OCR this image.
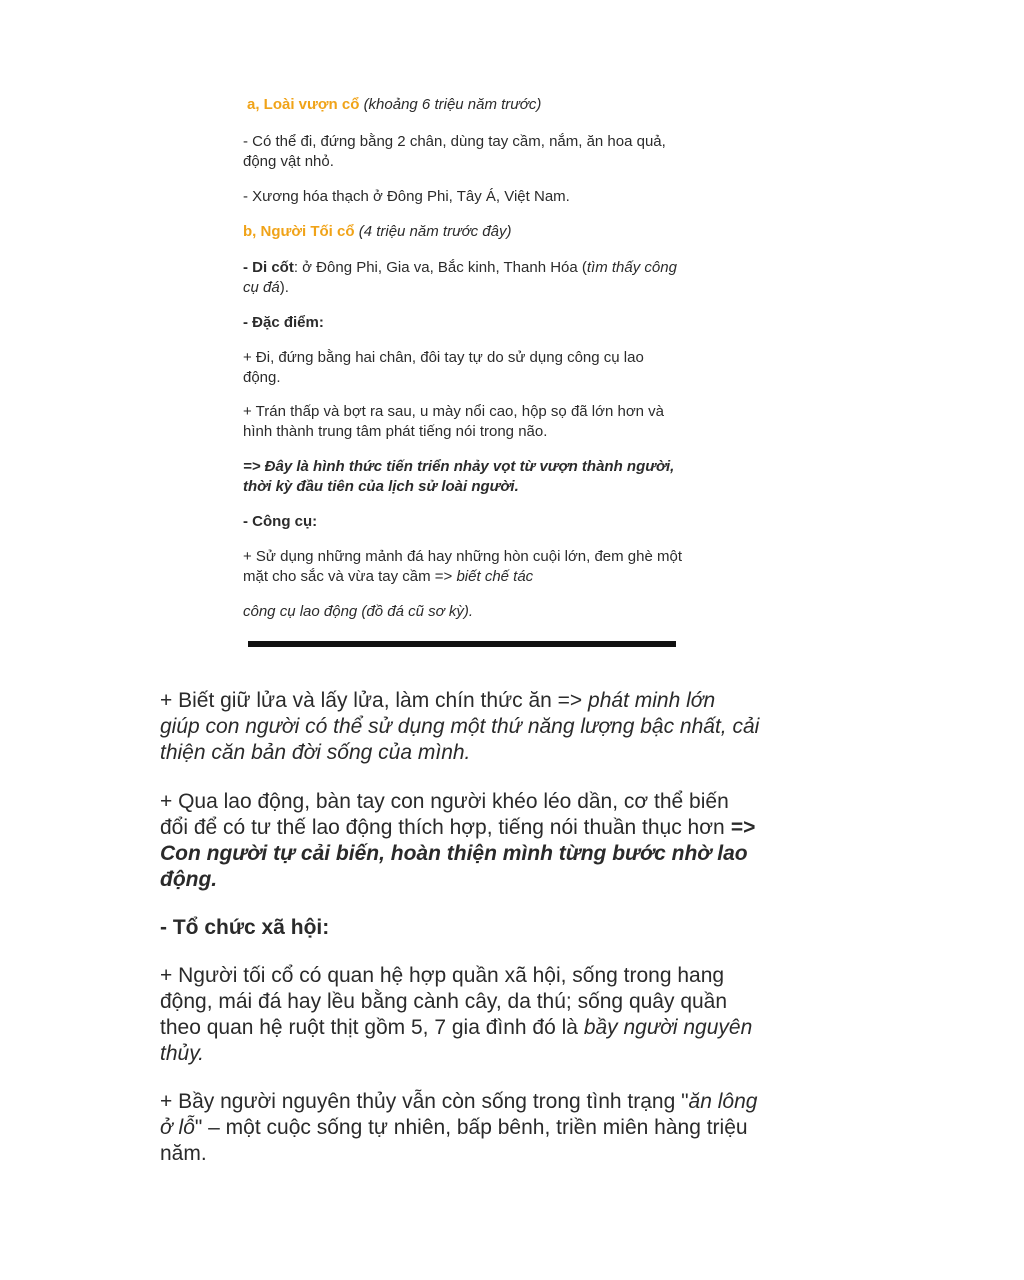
a, Loài vượn cổ (khoảng 6 triệu năm trước)

- Có thể đi, đứng bằng 2 chân, dùng tay cầm, nắm, ăn hoa quả, động vật nhỏ.

- Xương hóa thạch ở Đông Phi, Tây Á, Việt Nam.

b, Người Tối cổ (4 triệu năm trước đây)

- Di cốt: ở Đông Phi, Gia va, Bắc kinh, Thanh Hóa (tìm thấy công cụ đá).

- Đặc điểm:

+ Đi, đứng bằng hai chân, đôi tay tự do sử dụng công cụ lao động.

+ Trán thấp và bợt ra sau, u mày nổi cao, hộp sọ đã lớn hơn và hình thành trung tâm phát tiếng nói trong não.

=> Đây là hình thức tiến triển nhảy vọt từ vượn thành người, thời kỳ đầu tiên của lịch sử loài người.

- Công cụ:

+ Sử dụng những mảnh đá hay những hòn cuội lớn, đem ghè một mặt cho sắc và vừa tay cầm => biết chế tác

công cụ lao động (đồ đá cũ sơ kỳ).

+ Biết giữ lửa và lấy lửa, làm chín thức ăn => phát minh lớn giúp con người có thể sử dụng một thứ năng lượng bậc nhất, cải thiện căn bản đời sống của mình.

+ Qua lao động, bàn tay con người khéo léo dần, cơ thể biến đổi để có tư thế lao động thích hợp, tiếng nói thuần thục hơn => Con người tự cải biến, hoàn thiện mình từng bước nhờ lao động.

- Tổ chức xã hội:

+ Người tối cổ có quan hệ hợp quần xã hội, sống trong hang động, mái đá hay lều bằng cành cây, da thú; sống quây quần theo quan hệ ruột thịt gồm 5, 7 gia đình đó là bầy người nguyên thủy.

+ Bầy người nguyên thủy vẫn còn sống trong tình trạng "ăn lông ở lỗ" – một cuộc sống tự nhiên, bấp bênh, triền miên hàng triệu năm.
